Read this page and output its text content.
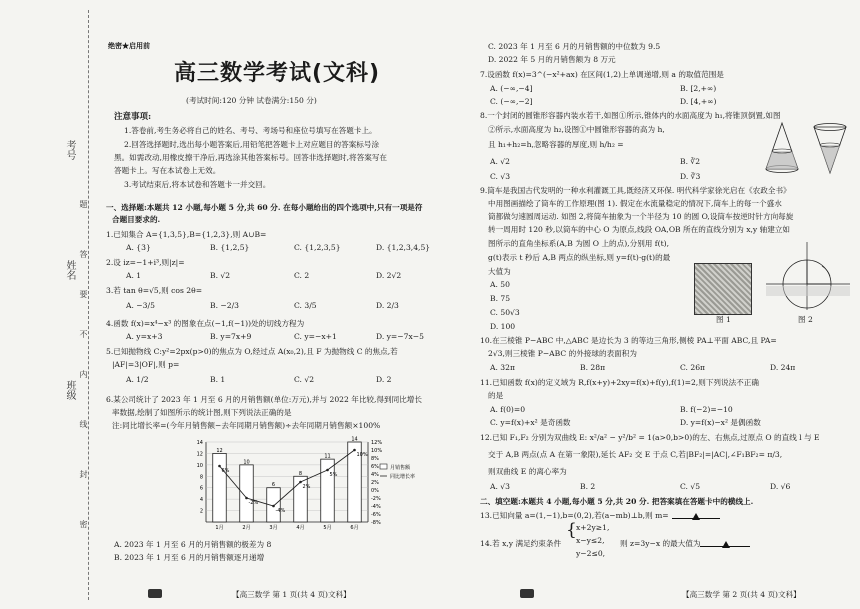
考号
姓名
班级
题
答
要
不
内
线
封
密
绝密★启用前
高三数学考试(文科)
(考试时间:120 分钟 试卷满分:150 分)
注意事项:
1.答卷前,考生务必将自己的姓名、考号、考场号和座位号填写在答题卡上。
2.回答选择题时,选出每小题答案后,用铅笔把答题卡上对应题目的答案标号涂
黑。如需改动,用橡皮擦干净后,再选涂其他答案标号。回答非选择题时,将答案写在
答题卡上。写在本试卷上无效。
3.考试结束后,将本试卷和答题卡一并交回。
一、选择题:本题共 12 小题,每小题 5 分,共 60 分. 在每小题给出的四个选项中,只有一项是符
合题目要求的.
1.已知集合 A={1,3,5},B={1,2,3},则 A∪B=
A. {3}	B. {1,2,5}	C. {1,2,3,5}	D. {1,2,3,4,5}
2.设 iz=−1+i³,则|z|=
A. 1	B. √2	C. 2	D. 2√2
3.若 tan θ=√5,则 cos 2θ=
A. −3/5	B. −2/3	C. 3/5	D. 2/3
4.函数 f(x)=x⁴−x³ 的图象在点(−1,f(−1))处的切线方程为
A. y=x+3	B. y=7x+9	C. y=−x+1	D. y=−7x−5
5.已知抛物线 C:y²=2px(p>0)的焦点为 O,经过点 A(x₀,2),且 F 为抛物线 C 的焦点,若
|AF|=3|OF|,则 p=
A. 1/2	B. 1	C. √2	D. 2
6.某公司统计了 2023 年 1 月至 6 月的月销售额(单位:万元),并与 2022 年比较,得到同比增长
率数据,绘制了如图所示的统计图,则下列说法正确的是
注:同比增长率=(今年月销售额−去年同期月销售额)÷去年同期月销售额×100%
2
4
6
8
10
12
14
-8%
-6%
-4%
-2%
0%
2%
4%
6%
8%
10%
12%
12
1月
10
2月
6
3月
8
4月
11
5月
14
6月
6%
-2%
-4%
2%
5%
10%
月销售额
同比增长率
A. 2023 年 1 月至 6 月的月销售额的极差为 8
B. 2023 年 1 月至 6 月的月销售额逐月递增
【高三数学 第 1 页(共 4 页)文科】
C. 2023 年 1 月至 6 月的月销售额的中位数为 9.5
D. 2022 年 5 月的月销售额为 8 万元
7.设函数 f(x)=3^(−x²+ax) 在区间(1,2)上单调递增,则 a 的取值范围是
A. (−∞,−4]	B. [2,+∞)
C. (−∞,−2]	D. [4,+∞)
8.一个封闭的圆锥形容器内装水若干,如图①所示,锥体内的水面高度为 h₁,将锥顶倒置,如图
②所示,水面高度为 h₂,设图①中圆锥形容器的高为 h,
且 h₁+h₂=h,忽略容器的厚度,则 h/h₂ =
A. √2	B. ∛2
C. √3	D. ∛3
9.筒车是我国古代发明的一种水利灌溉工具,既经济又环保. 明代科学家徐光启在《农政全书》
中用图画描绘了筒车的工作原理(图 1). 假定在水流量稳定的情况下,筒车上的每一个盛水
筒都做匀速圆周运动. 如图 2,将筒车抽象为一个半径为 10 的圆 O,设筒车按逆时针方向每旋
转一周用时 120 秒,以筒车的中心 O 为原点,线段 OA,OB 所在的直线分别为 x,y 轴建立如
图所示的直角坐标系(A,B 为圆 O 上的点),分别用 f(t),
g(t)表示 t 秒后 A,B 两点的纵坐标,则 y=f(t)·g(t)的最
大值为
A. 50
B. 75
C. 50√3
D. 100
图 1	图 2
10.在三棱锥 P−ABC 中,△ABC 是边长为 3 的等边三角形,侧棱 PA⊥平面 ABC,且 PA=
2√3,则三棱锥 P−ABC 的外接球的表面积为
A. 32π	B. 28π	C. 26π	D. 24π
11.已知函数 f(x)的定义域为 R,f(x+y)+2xy=f(x)+f(y),f(1)=2,则下列说法不正确
的是
A. f(0)=0	B. f(−2)=−10
C. y=f(x)+x² 是奇函数	D. y=f(x)−x² 是偶函数
12.已知 F₁,F₂ 分别为双曲线 E: x²/a² − y²/b² = 1(a>0,b>0)的左、右焦点,过原点 O 的直线 l 与 E
交于 A,B 两点(点 A 在第一象限),延长 AF₂ 交 E 于点 C,若|BF₂|=|AC|,∠F₁BF₂= π/3,
则双曲线 E 的离心率为
A. √3	B. 2	C. √5	D. √6
二、填空题:本题共 4 小题,每小题 5 分,共 20 分. 把答案填在答题卡中的横线上.
13.已知向量 a=(1,−1),b=(0,2),若(a−mb)⊥b,则 m=
14.若 x,y 满足约束条件
{ x+2y≥1,
x−y≤2,
y−2≤0,
则 z=3y−x 的最大值为
【高三数学 第 2 页(共 4 页)文科】
